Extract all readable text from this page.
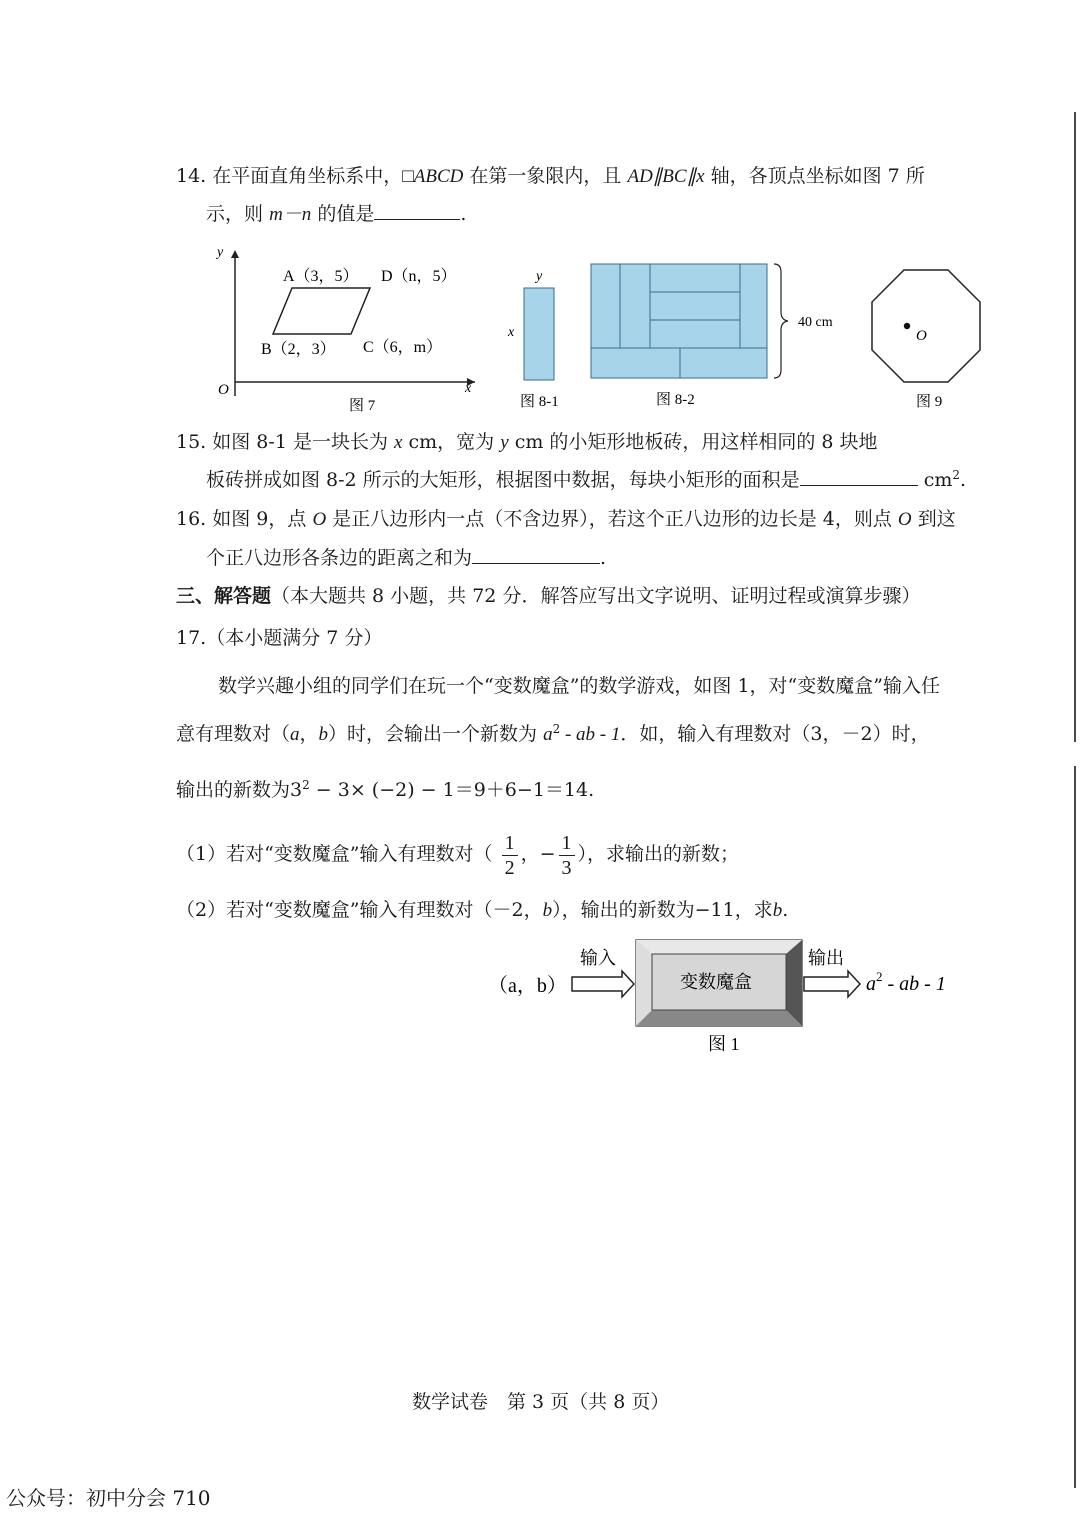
14. 在平面直角坐标系中，□ABCD 在第一象限内，且 AD∥BC∥x 轴，各顶点坐标如图 7 所
示，则 m－n 的值是	.
y
x
O
A（3，5） D（n，5）
B（2，3） C（6，m）
图 7
y
x
图 8-1
40 cm
图 8-2
O
图 9
15. 如图 8-1 是一块长为 x cm，宽为 y cm 的小矩形地板砖，用这样相同的 8 块地
板砖拼成如图 8-2 所示的大矩形，根据图中数据，每块小矩形的面积是	$cm^2$.
16. 如图 9，点 O 是正八边形内一点（不含边界），若这个正八边形的边长是 4，则点 O 到这
个正八边形各条边的距离之和为	.
三、解答题（本大题共 8 小题，共 72 分．解答应写出文字说明、证明过程或演算步骤）
17.（本小题满分 7 分）
数学兴趣小组的同学们在玩一个“变数魔盒”的数学游戏，如图 1，对“变数魔盒”输入任
意有理数对（a，b）时，会输出一个新数为 $a^2$ - ab - 1．如，输入有理数对（3，－2）时，
输出的新数为$3^2 - 3\times (-2) - 1=9+6-1=14$.
（1）若对“变数魔盒”输入有理数对（ $\frac{1}{2}$ ，− $\frac{1}{3}$ ），求输出的新数；
（2）若对“变数魔盒”输入有理数对（－2，b），输出的新数为−11，求b.
（a，b）
输入
变数魔盒
输出
$a^2$ - ab - 1
图 1
数学试卷　第 3 页（共 8 页）
公众号：初中分会 710
